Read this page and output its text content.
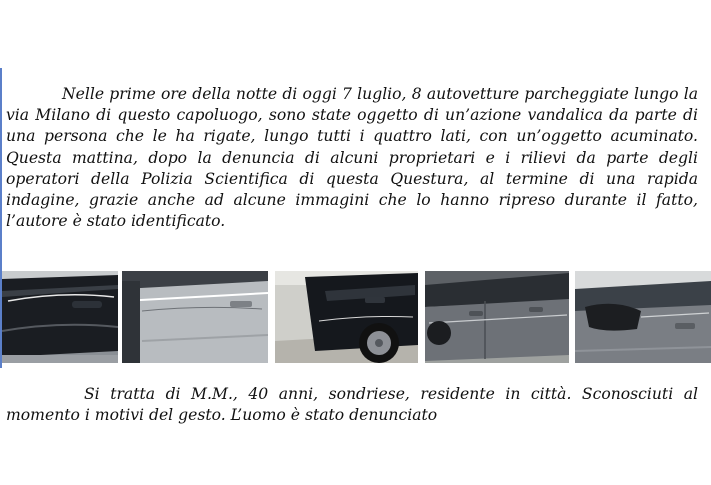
Nelle prime ore della notte di oggi 7 luglio, 8 autovetture parcheggiate lungo la via Milano di questo capoluogo, sono state oggetto di un’azione vandalica da parte di una persona che le ha rigate, lungo tutti i quattro lati, con un’oggetto acuminato. Questa mattina, dopo la denuncia di alcuni proprietari e i rilievi da parte degli operatori della Polizia Scientifica di questa Questura, al termine di una rapida indagine, grazie anche ad alcune immagini che lo hanno ripreso durante il fatto, l’autore è stato identificato.

Si tratta di M.M., 40 anni, sondriese, residente in città. Sconosciuti al momento i motivi del gesto. L’uomo è stato denunciato
